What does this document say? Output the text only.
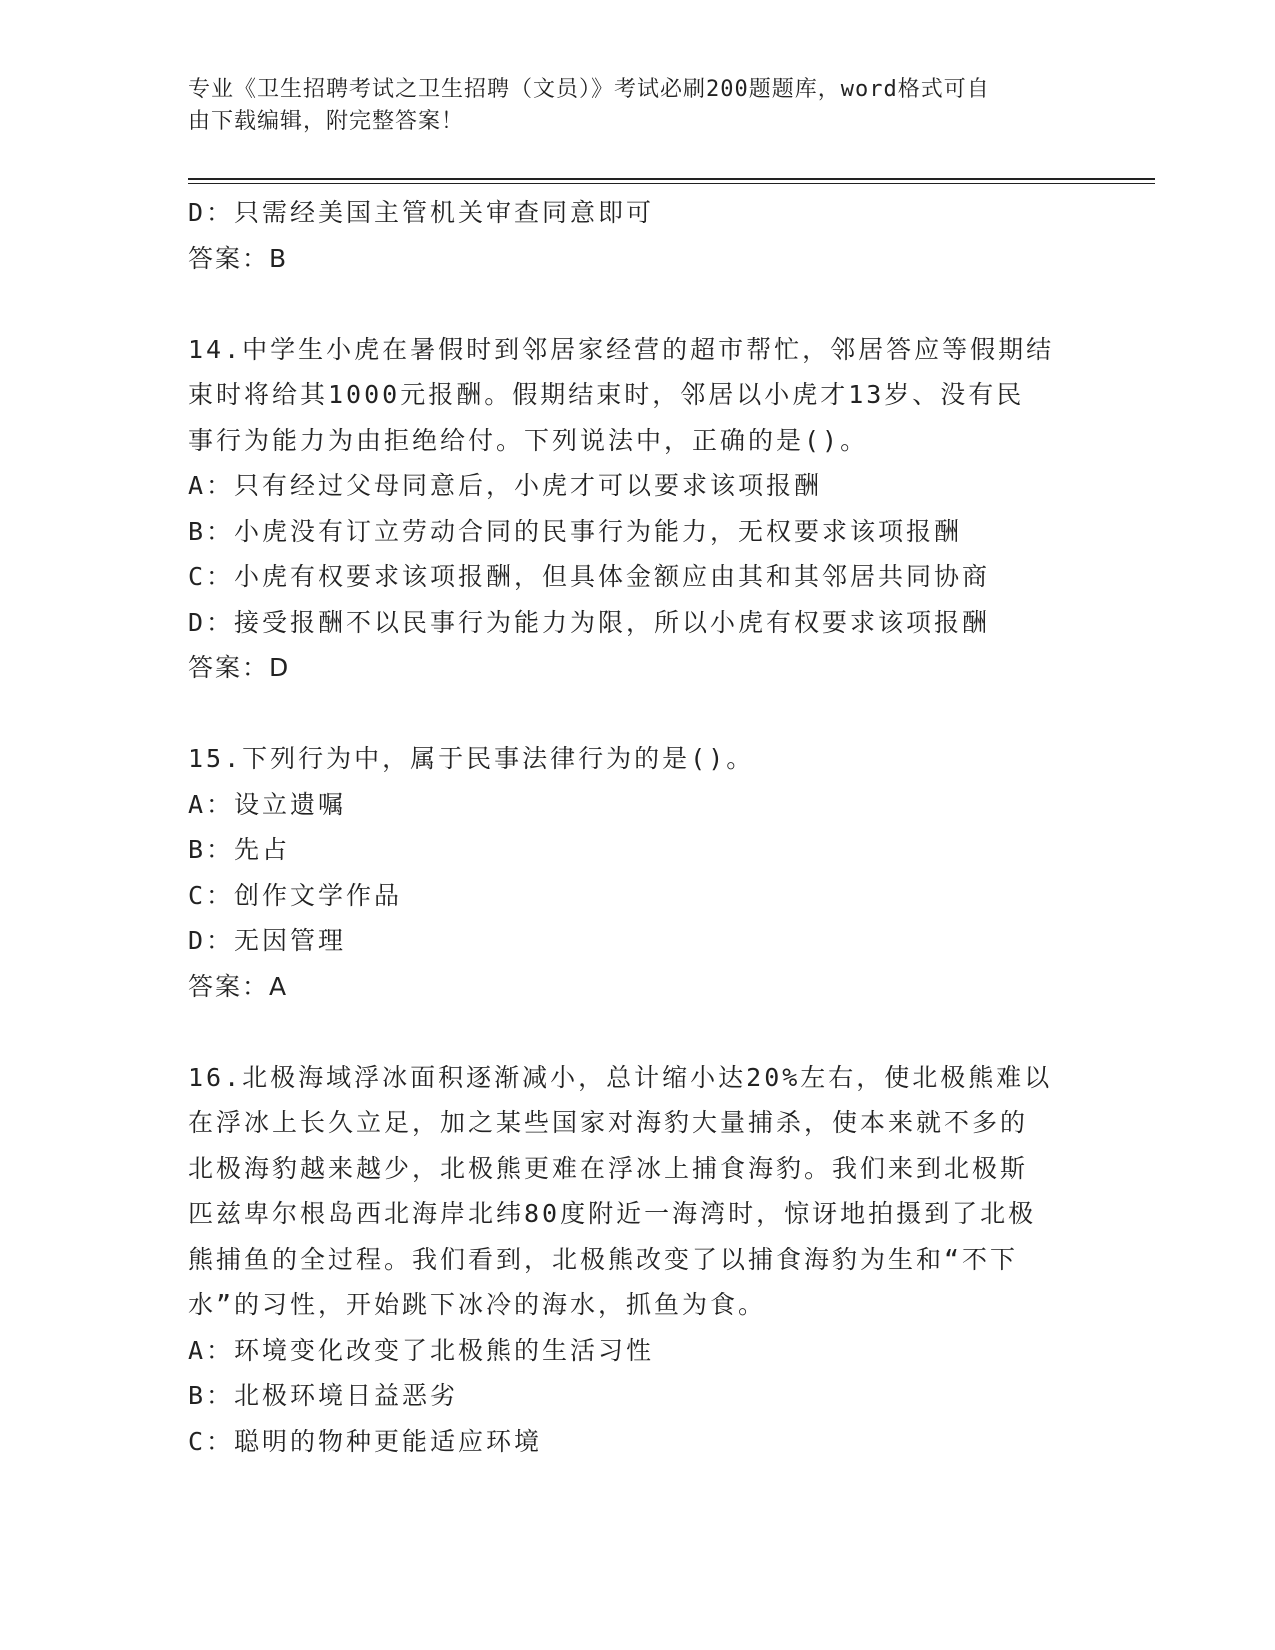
专业《卫生招聘考试之卫生招聘（文员）》考试必刷200题题库，word格式可自
由下载编辑，附完整答案！
D：只需经美国主管机关审查同意即可
答案：B
14.中学生小虎在暑假时到邻居家经营的超市帮忙，邻居答应等假期结
束时将给其1000元报酬。假期结束时，邻居以小虎才13岁、没有民
事行为能力为由拒绝给付。下列说法中，正确的是()。
A：只有经过父母同意后，小虎才可以要求该项报酬
B：小虎没有订立劳动合同的民事行为能力，无权要求该项报酬
C：小虎有权要求该项报酬，但具体金额应由其和其邻居共同协商
D：接受报酬不以民事行为能力为限，所以小虎有权要求该项报酬
答案：D
15.下列行为中，属于民事法律行为的是()。
A：设立遗嘱
B：先占
C：创作文学作品
D：无因管理
答案：A
16.北极海域浮冰面积逐渐减小，总计缩小达20%左右，使北极熊难以
在浮冰上长久立足，加之某些国家对海豹大量捕杀，使本来就不多的
北极海豹越来越少，北极熊更难在浮冰上捕食海豹。我们来到北极斯
匹兹卑尔根岛西北海岸北纬80度附近一海湾时，惊讶地拍摄到了北极
熊捕鱼的全过程。我们看到，北极熊改变了以捕食海豹为生和“不下
水”的习性，开始跳下冰冷的海水，抓鱼为食。
A：环境变化改变了北极熊的生活习性
B：北极环境日益恶劣
C：聪明的物种更能适应环境
